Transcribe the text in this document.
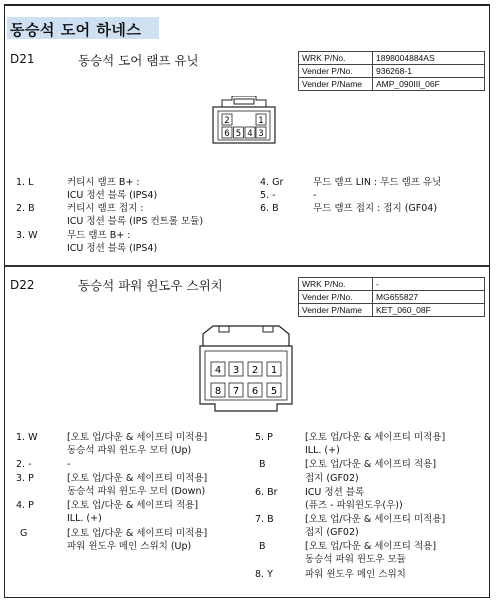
동승석 도어 하네스
D21	동승석 도어 램프 유닛	WRK P/No.	1898004884AS
Vender P/No.	936268-1
Vender P/Name	AMP_090III_06F
2	1
6 5 4 3
1. L	커티시 램프 B+ :
ICU 정션 블록 (IPS4)
2. B	커티시 램프 접지 :
ICU 정션 블록 (IPS 컨트롤 모듈)
3. W	무드 램프 B+ :
ICU 정션 블록 (IPS4)
4. Gr	무드 램프 LIN : 무드 램프 유닛
5. -	-
6. B	무드 램프 접지 : 접지 (GF04)
D22	동승석 파워 윈도우 스위치	WRK P/No.	-
Vender P/No.	MG655827
Vender P/Name	KET_060_08F
4 3 2 1
8 7 6 5
1. W	[오토 업/다운 & 세이프티 미적용]
동승석 파워 윈도우 모터 (Up)
2. -	-
3. P	[오토 업/다운 & 세이프티 미적용]
동승석 파워 윈도우 모터 (Down)
4. P	[오토 업/다운 & 세이프티 적용]
ILL. (+)
G	[오토 업/다운 & 세이프티 미적용]
파워 윈도우 메인 스위치 (Up)
5. P	[오토 업/다운 & 세이프티 미적용]
ILL. (+)
B	[오토 업/다운 & 세이프티 적용]
접지 (GF02)
6. Br	ICU 정션 블록
(퓨즈 - 파워윈도우(우))
7. B	[오토 업/다운 & 세이프티 미적용]
접지 (GF02)
B	[오토 업/다운 & 세이프티 적용]
동승석 파워 윈도우 모듈
8. Y	파워 윈도우 메인 스위치
